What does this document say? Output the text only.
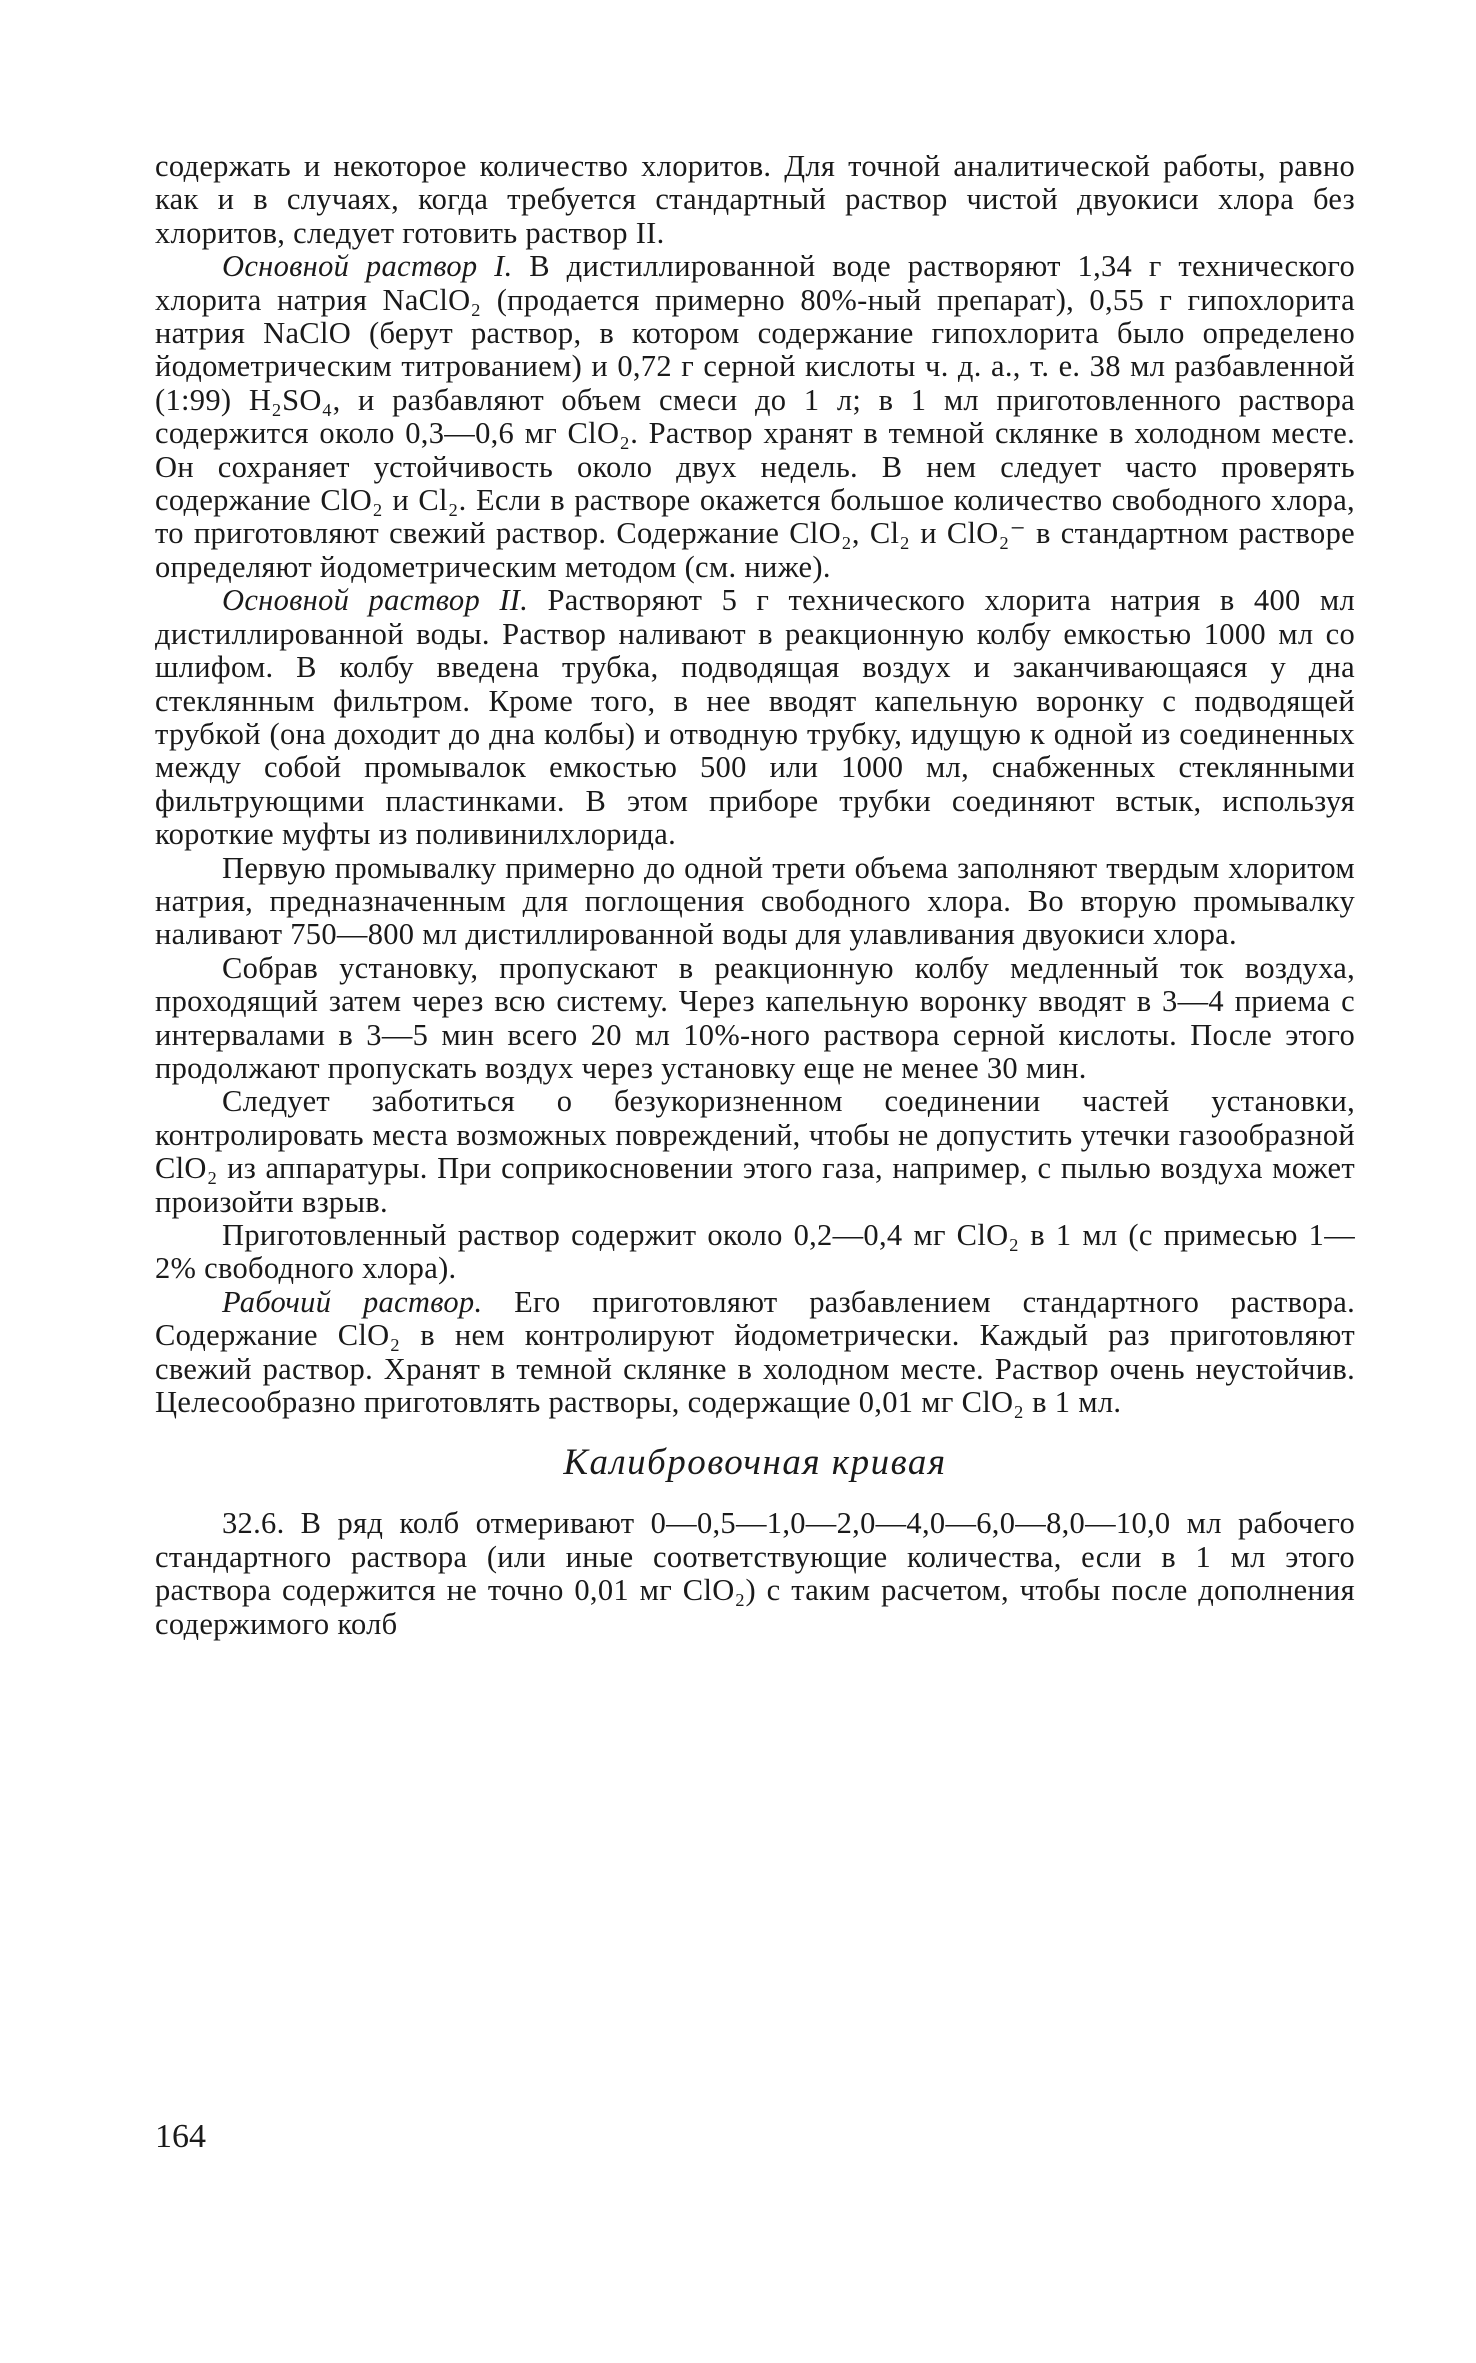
содержать и некоторое количество хлоритов. Для точной аналитической работы, равно как и в случаях, когда требуется стандартный раствор чистой двуокиси хлора без хлоритов, следует готовить раствор II.

Основной раствор I. В дистиллированной воде растворяют 1,34 г технического хлорита натрия NaClO₂ (продается примерно 80%-ный препарат), 0,55 г гипохлорита натрия NaClO (берут раствор, в котором содержание гипохлорита было определено йодометрическим титрованием) и 0,72 г серной кислоты ч. д. а., т. е. 38 мл разбавленной (1:99) H₂SO₄, и разбавляют объем смеси до 1 л; в 1 мл приготовленного раствора содержится около 0,3—0,6 мг ClO₂. Раствор хранят в темной склянке в холодном месте. Он сохраняет устойчивость около двух недель. В нем следует часто проверять содержание ClO₂ и Cl₂. Если в растворе окажется большое количество свободного хлора, то приготовляют свежий раствор. Содержание ClO₂, Cl₂ и ClO₂⁻ в стандартном растворе определяют йодометрическим методом (см. ниже).

Основной раствор II. Растворяют 5 г технического хлорита натрия в 400 мл дистиллированной воды. Раствор наливают в реакционную колбу емкостью 1000 мл со шлифом. В колбу введена трубка, подводящая воздух и заканчивающаяся у дна стеклянным фильтром. Кроме того, в нее вводят капельную воронку с подводящей трубкой (она доходит до дна колбы) и отводную трубку, идущую к одной из соединенных между собой промывалок емкостью 500 или 1000 мл, снабженных стеклянными фильтрующими пластинками. В этом приборе трубки соединяют встык, используя короткие муфты из поливинилхлорида.

Первую промывалку примерно до одной трети объема заполняют твердым хлоритом натрия, предназначенным для поглощения свободного хлора. Во вторую промывалку наливают 750—800 мл дистиллированной воды для улавливания двуокиси хлора.

Собрав установку, пропускают в реакционную колбу медленный ток воздуха, проходящий затем через всю систему. Через капельную воронку вводят в 3—4 приема с интервалами в 3—5 мин всего 20 мл 10%-ного раствора серной кислоты. После этого продолжают пропускать воздух через установку еще не менее 30 мин.

Следует заботиться о безукоризненном соединении частей установки, контролировать места возможных повреждений, чтобы не допустить утечки газообразной ClO₂ из аппаратуры. При соприкосновении этого газа, например, с пылью воздуха может произойти взрыв.

Приготовленный раствор содержит около 0,2—0,4 мг ClO₂ в 1 мл (с примесью 1—2% свободного хлора).

Рабочий раствор. Его приготовляют разбавлением стандартного раствора. Содержание ClO₂ в нем контролируют йодометрически. Каждый раз приготовляют свежий раствор. Хранят в темной склянке в холодном месте. Раствор очень неустойчив. Целесообразно приготовлять растворы, содержащие 0,01 мг ClO₂ в 1 мл.

Калибровочная кривая

32.6. В ряд колб отмеривают 0—0,5—1,0—2,0—4,0—6,0—8,0—10,0 мл рабочего стандартного раствора (или иные соответствующие количества, если в 1 мл этого раствора содержится не точно 0,01 мг ClO₂) с таким расчетом, чтобы после дополнения содержимого колб

164
